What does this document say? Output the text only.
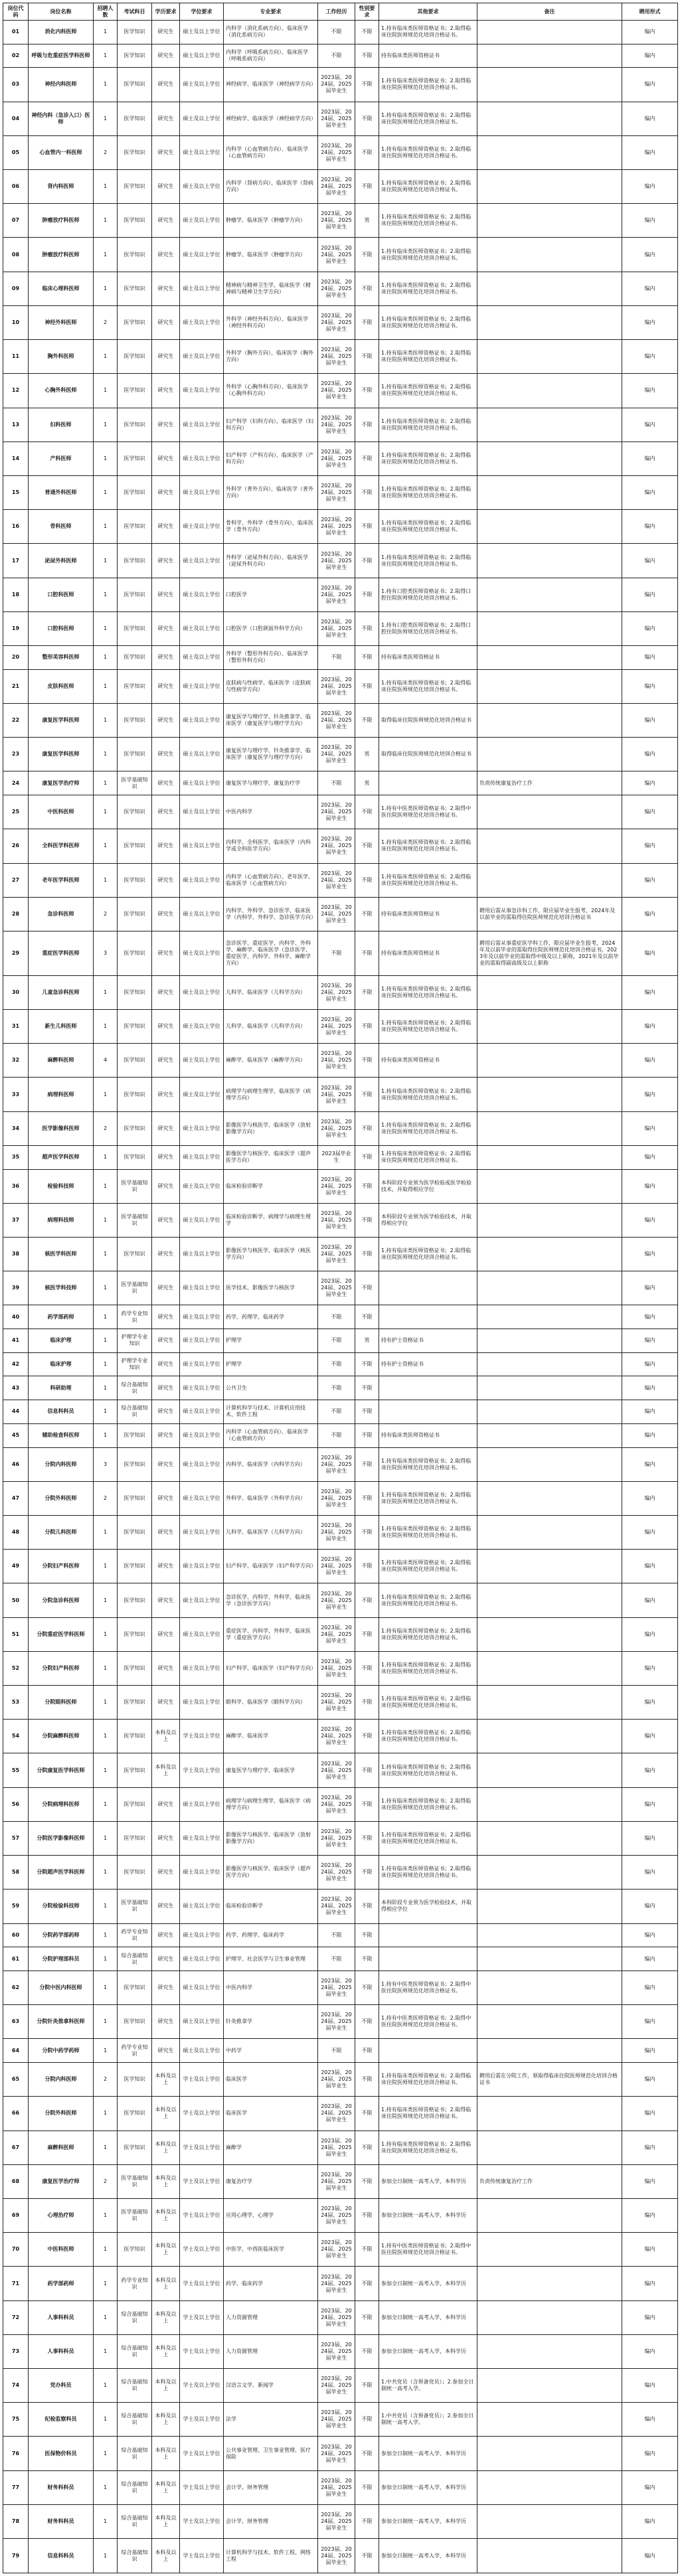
岗位代码	岗位名称	招聘人数	考试科目	学历要求	学位要求	专业要求	工作经历	性别要求	其他要求	备注	聘用形式
01	消化内科医师	1	医学知识	研究生	硕士及以上学位	内科学（消化系病方向）、临床医学（消化系病方向）	不限	不限	1.持有临床类医师资格证书；2.取得临床住院医师规范化培训合格证书。		编内
02	呼吸与危重症医学科医师	1	医学知识	研究生	硕士及以上学位	内科学（呼吸系病方向）、临床医学（呼吸系病方向）	不限	不限	持有临床类医师资格证书		编内
03	神经内科医师	1	医学知识	研究生	硕士及以上学位	神经病学、临床医学（神经病学方向）	2023届、2024届、2025届毕业生	不限	1.持有临床类医师资格证书；2.取得临床住院医师规范化培训合格证书。		编内
04	神经内科（急诊入口）医师	1	医学知识	研究生	硕士及以上学位	神经病学、临床医学（神经病学方向）	2023届、2024届、2025届毕业生	不限	1.持有临床类医师资格证书；2.取得临床住院医师规范化培训合格证书。		编内
05	心血管内一科医师	2	医学知识	研究生	硕士及以上学位	内科学（心血管病方向）、临床医学（心血管病方向）	2023届、2024届、2025届毕业生	不限	1.持有临床类医师资格证书；2.取得临床住院医师规范化培训合格证书。		编内
06	肾内科医师	1	医学知识	研究生	硕士及以上学位	内科学（肾病方向）、临床医学（肾病方向）	2023届、2024届、2025届毕业生	不限	1.持有临床类医师资格证书；2.取得临床住院医师规范化培训合格证书。		编内
07	肿瘤放疗科医师	1	医学知识	研究生	硕士及以上学位	肿瘤学、临床医学（肿瘤学方向）	2023届、2024届、2025届毕业生	男	1.持有临床类医师资格证书；2.取得临床住院医师规范化培训合格证书。		编内
08	肿瘤放疗科医师	1	医学知识	研究生	硕士及以上学位	肿瘤学、临床医学（肿瘤学方向）	2023届、2024届、2025届毕业生	不限	1.持有临床类医师资格证书；2.取得临床住院医师规范化培训合格证书。		编内
09	临床心理科医师	1	医学知识	研究生	硕士及以上学位	精神病与精神卫生学、临床医学（精神病与精神卫生学方向）	2023届、2024届、2025届毕业生	不限	1.持有临床类医师资格证书；2.取得临床住院医师规范化培训合格证书。		编内
10	神经外科医师	2	医学知识	研究生	硕士及以上学位	外科学（神经外科方向）、临床医学（神经外科方向）	2023届、2024届、2025届毕业生	不限	1.持有临床类医师资格证书；2.取得临床住院医师规范化培训合格证书。		编内
11	胸外科医师	1	医学知识	研究生	硕士及以上学位	外科学（胸外方向）、临床医学（胸外方向）	2023届、2024届、2025届毕业生	不限	1.持有临床类医师资格证书；2.取得临床住院医师规范化培训合格证书。		编内
12	心胸外科医师	1	医学知识	研究生	硕士及以上学位	外科学（心胸外科方向）、临床医学（心胸外科方向）	2023届、2024届、2025届毕业生	不限	1.持有临床类医师资格证书；2.取得临床住院医师规范化培训合格证书。		编内
13	妇科医师	1	医学知识	研究生	硕士及以上学位	妇产科学（妇科方向）、临床医学（妇科方向）	2023届、2024届、2025届毕业生	不限	1.持有临床类医师资格证书；2.取得临床住院医师规范化培训合格证书。		编内
14	产科医师	1	医学知识	研究生	硕士及以上学位	妇产科学（产科方向）、临床医学（产科方向）	2023届、2024届、2025届毕业生	不限	1.持有临床类医师资格证书；2.取得临床住院医师规范化培训合格证书。		编内
15	普通外科医师	1	医学知识	研究生	硕士及以上学位	外科学（普外方向）、临床医学（普外方向）	2023届、2024届、2025届毕业生	不限	1.持有临床类医师资格证书；2.取得临床住院医师规范化培训合格证书。		编内
16	骨科医师	1	医学知识	研究生	硕士及以上学位	骨科学、外科学（骨外方向）、临床医学（骨外方向）	2023届、2024届、2025届毕业生	不限	1.持有临床类医师资格证书；2.取得临床住院医师规范化培训合格证书。		编内
17	泌尿外科医师	1	医学知识	研究生	硕士及以上学位	外科学（泌尿外科方向）、临床医学（泌尿外科方向）	2023届、2024届、2025届毕业生	不限	1.持有临床类医师资格证书；2.取得临床住院医师规范化培训合格证书。		编内
18	口腔科医师	1	医学知识	研究生	硕士及以上学位	口腔医学	2023届、2024届、2025届毕业生	不限	1.持有口腔类医师资格证书；2.取得口腔住院医师规范化培训合格证书。		编内
19	口腔科医师	1	医学知识	研究生	硕士及以上学位	口腔医学（口腔颌面外科学方向）	2023届、2024届、2025届毕业生	不限	1.持有口腔类医师资格证书；2.取得口腔住院医师规范化培训合格证书。		编内
20	整形美容科医师	1	医学知识	研究生	硕士及以上学位	外科学（整形外科方向）、临床医学（整形外科方向）	不限	不限	持有临床类医师资格证书		编内
21	皮肤科医师	1	医学知识	研究生	硕士及以上学位	皮肤病与性病学、临床医学（皮肤病与性病学方向）	2023届、2024届、2025届毕业生	不限	1.持有临床类医师资格证书；2.取得临床住院医师规范化培训合格证书。		编内
22	康复医学科医师	1	医学知识	研究生	硕士及以上学位	康复医学与理疗学、针灸推拿学、临床医学（康复医学与理疗学方向）	2023届、2024届、2025届毕业生	不限	取得临床住院医师规范化培训合格证书		编内
23	康复医学科医师	1	医学知识	研究生	硕士及以上学位	康复医学与理疗学、针灸推拿学、临床医学（康复医学与理疗学方向）	2023届、2024届、2025届毕业生	男	取得临床住院医师规范化培训合格证书		编内
24	康复医学治疗师	1	医学基础知识	研究生	硕士及以上学位	康复医学与理疗学、康复治疗学	不限	男		负责传统康复治疗工作	编内
25	中医科医师	1	医学知识	研究生	硕士及以上学位	中医内科学	2023届、2024届、2025届毕业生	不限	1.持有中医类医师资格证书；2.取得中医住院医师规范化培训合格证书。		编内
26	全科医学科医师	1	医学知识	研究生	硕士及以上学位	内科学、全科医学、临床医学（内科学或全科医学方向）	2023届、2024届、2025届毕业生	不限	1.持有临床类医师资格证书；2.取得临床住院医师规范化培训合格证书。		编内
27	老年医学科医师	1	医学知识	研究生	硕士及以上学位	内科学（心血管病方向）、老年医学、临床医学（心血管病方向）	2023届、2024届、2025届毕业生	不限	1.持有临床类医师资格证书；2.取得临床住院医师规范化培训合格证书。		编内
28	急诊科医师	2	医学知识	研究生	硕士及以上学位	内科学、外科学、急诊医学、临床医学（内科学、外科学、急诊医学方向）	2023届、2024届、2025届毕业生	不限	持有临床类医师资格证书	聘用后需从事急诊科工作，限应届毕业生报考，2024年及以前毕业的需取得住院医师规范化培训合格证书	编内
29	重症医学科医师	3	医学知识	研究生	硕士及以上学位	急诊医学、重症医学、内科学、外科学、麻醉学、临床医学（急诊医学、重症医学、内科学、外科学、麻醉学方向）	不限	不限	持有临床类医师资格证书	聘用后需从事重症医学科工作，限应届毕业生报考，2024年及以前毕业的需取得住院医师规范化培训合格证书，2023年及以前毕业的需取得中级及以上职称，2021年及以前毕业的需取得副高级及以上职称	编内
30	儿童急诊科医师	1	医学知识	研究生	硕士及以上学位	儿科学、临床医学（儿科学方向）	2023届、2024届、2025届毕业生	不限	1.持有临床类医师资格证书；2.取得临床住院医师规范化培训合格证书。		编内
31	新生儿科医师	1	医学知识	研究生	硕士及以上学位	儿科学、临床医学（儿科学方向）	2023届、2024届、2025届毕业生	不限	1.持有临床类医师资格证书；2.取得临床住院医师规范化培训合格证书。		编内
32	麻醉科医师	4	医学知识	研究生	硕士及以上学位	麻醉学、临床医学（麻醉学方向）	2023届、2024届、2025届毕业生	不限	持有临床类医师资格证书		编内
33	病理科医师	1	医学知识	研究生	硕士及以上学位	病理学与病理生理学、临床医学（病理学方向）	2023届、2024届、2025届毕业生	不限	1.持有临床类医师资格证书；2.取得临床住院医师规范化培训合格证书。		编内
34	医学影像科医师	2	医学知识	研究生	硕士及以上学位	影像医学与核医学、临床医学（放射影像学方向）	2023届、2024届、2025届毕业生	不限	1.持有临床类医师资格证书；2.取得临床住院医师规范化培训合格证书。		编内
35	超声医学科医师	1	医学知识	研究生	硕士及以上学位	影像医学与核医学、临床医学（超声医学方向）	2023届毕业生	不限	1.持有临床类医师资格证书；2.取得临床住院医师规范化培训合格证书。		编内
36	检验科技师	1	医学基础知识	研究生	硕士及以上学位	临床检验诊断学	2023届、2024届、2025届毕业生	不限	本科阶段专业须为医学检验或医学检验技术，并取得相应学位		编内
37	病理科技师	1	医学基础知识	研究生	硕士及以上学位	临床检验诊断学、病理学与病理生理学	2023届、2024届、2025届毕业生	不限	本科阶段专业须为医学检验技术，并取得相应学位		编内
38	核医学科医师	1	医学知识	研究生	硕士及以上学位	影像医学与核医学、临床医学（核医学方向）	2023届、2024届、2025届毕业生	不限	1.持有临床类医师资格证书；2.取得临床住院医师规范化培训合格证书。		编内
39	核医学科技师	1	医学基础知识	研究生	硕士及以上学位	医学技术、影像医学与核医学	2023届、2024届、2025届毕业生	不限			编内
40	药学部药师	1	药学专业知识	研究生	硕士及以上学位	药学、药理学、临床药学	不限	不限			编内
41	临床护理	1	护理学专业知识	研究生	硕士及以上学位	护理学	不限	男	持有护士资格证书		编内
42	临床护理	1	护理学专业知识	研究生	硕士及以上学位	护理学	不限	不限	持有护士资格证书		编内
43	科研助理	1	综合基础知识	研究生	硕士及以上学位	公共卫生	不限	不限			编内
44	信息科科员	1	综合基础知识	研究生	硕士及以上学位	计算机科学与技术、计算机应用技术、软件工程	不限	不限			编内
45	辅助检查科医师	1	医学知识	研究生	硕士及以上学位	内科学（心血管病方向）、临床医学（心血管病方向）	不限	不限	持有临床类医师资格证书		编内
46	分院内科医师	3	医学知识	研究生	硕士及以上学位	内科学、临床医学（内科学方向）	2023届、2024届、2025届毕业生	不限	1.持有临床类医师资格证书；2.取得临床住院医师规范化培训合格证书。		编内
47	分院外科医师	2	医学知识	研究生	硕士及以上学位	外科学、临床医学（外科学方向）	2023届、2024届、2025届毕业生	不限	1.持有临床类医师资格证书；2.取得临床住院医师规范化培训合格证书。		编内
48	分院儿科医师	1	医学知识	研究生	硕士及以上学位	儿科学、临床医学（儿科学方向）	2023届、2024届、2025届毕业生	不限	1.持有临床类医师资格证书；2.取得临床住院医师规范化培训合格证书。		编内
49	分院妇产科医师	1	医学知识	研究生	硕士及以上学位	妇产科学、临床医学（妇产科学方向）	2023届、2024届、2025届毕业生	不限	1.持有临床类医师资格证书；2.取得临床住院医师规范化培训合格证书。		编内
50	分院急诊科医师	1	医学知识	研究生	硕士及以上学位	急诊医学、内科学、外科学、临床医学（急诊医学方向）	2023届、2024届、2025届毕业生	不限	1.持有临床类医师资格证书；2.取得临床住院医师规范化培训合格证书。		编内
51	分院重症医学科医师	1	医学知识	研究生	硕士及以上学位	重症医学、内科学、外科学、临床医学（重症医学方向）	2023届、2024届、2025届毕业生	不限	1.持有临床类医师资格证书；2.取得临床住院医师规范化培训合格证书。		编内
52	分院妇产科医师	1	医学知识	研究生	硕士及以上学位	妇产科学、临床医学（妇产科学方向）	2023届、2024届、2025届毕业生	不限	1.持有临床类医师资格证书；2.取得临床住院医师规范化培训合格证书。		编内
53	分院眼科医师	1	医学知识	研究生	硕士及以上学位	眼科学、临床医学（眼科学方向）	2023届、2024届、2025届毕业生	不限	1.持有临床类医师资格证书；2.取得临床住院医师规范化培训合格证书。		编内
54	分院麻醉科医师	1	医学知识	本科及以上	学士及以上学位	麻醉学、临床医学	2023届、2024届、2025届毕业生	不限	1.持有临床类医师资格证书；2.取得临床住院医师规范化培训合格证书。		编内
55	分院康复医学科医师	1	医学知识	本科及以上	学士及以上学位	康复医学与理疗学、临床医学	2023届、2024届、2025届毕业生	不限	1.持有临床类医师资格证书；2.取得临床住院医师规范化培训合格证书。		编内
56	分院病理科医师	1	医学知识	研究生	硕士及以上学位	病理学与病理生理学、临床医学（病理学方向）	2023届、2024届、2025届毕业生	不限	1.持有临床类医师资格证书；2.取得临床住院医师规范化培训合格证书。		编内
57	分院医学影像科医师	1	医学知识	研究生	硕士及以上学位	影像医学与核医学、临床医学（放射影像学方向）	2023届、2024届、2025届毕业生	不限	1.持有临床类医师资格证书；2.取得临床住院医师规范化培训合格证书。		编内
58	分院超声医学科医师	1	医学知识	研究生	硕士及以上学位	影像医学与核医学、临床医学（超声医学方向）	2023届、2024届、2025届毕业生	不限	1.持有临床类医师资格证书；2.取得临床住院医师规范化培训合格证书。		编内
59	分院检验科技师	1	医学基础知识	研究生	硕士及以上学位	临床检验诊断学	2023届、2024届、2025届毕业生	不限	本科阶段专业须为医学检验技术，并取得相应学位		编内
60	分院药学部药师	1	药学专业知识	研究生	硕士及以上学位	药学、药理学、临床药学	不限	不限			编内
61	分院护理部科员	1	综合基础知识	研究生	硕士及以上学位	护理学、社会医学与卫生事业管理	不限	不限			编内
62	分院中医内科医师	1	医学知识	研究生	硕士及以上学位	中医内科学	2023届、2024届、2025届毕业生	不限	1.持有中医类医师资格证书；2.取得中医住院医师规范化培训合格证书。		编内
63	分院针灸推拿科医师	1	医学知识	研究生	硕士及以上学位	针灸推拿学	2023届、2024届、2025届毕业生	不限	1.持有中医类医师资格证书；2.取得中医住院医师规范化培训合格证书。		编内
64	分院中药学药师	1	药学专业知识	研究生	硕士及以上学位	中药学	不限	不限			编内
65	分院内科医师	2	医学知识	本科及以上	学士及以上学位	临床医学	2023届、2024届、2025届毕业生	不限	1.持有临床类医师资格证书；2.取得临床住院医师规范化培训合格证书。	聘用后需在分院工作，须取得临床住院医师规范化培训合格证书	编内
66	分院外科医师	1	医学知识	本科及以上	学士及以上学位	临床医学	2023届、2024届、2025届毕业生	不限	1.持有临床类医师资格证书；2.取得临床住院医师规范化培训合格证书。		编内
67	麻醉科医师	1	医学知识	本科及以上	学士及以上学位	麻醉学	2023届、2024届、2025届毕业生	不限	1.持有临床类医师资格证书；2.取得临床住院医师规范化培训合格证书。		编内
68	康复医学治疗师	2	医学基础知识	本科及以上	学士及以上学位	康复治疗学	2023届、2024届、2025届毕业生	不限	参加全日制统一高考入学，本科学历	负责传统康复治疗工作	编内
69	心理治疗师	1	医学基础知识	本科及以上	学士及以上学位	应用心理学、心理学	2023届、2024届、2025届毕业生	不限	参加全日制统一高考入学，本科学历		编内
70	中医科医师	1	医学知识	本科及以上	学士及以上学位	中医学、中西医临床医学	2023届、2024届、2025届毕业生	不限	1.持有中医类医师资格证书；2.取得中医住院医师规范化培训合格证书。		编内
71	药学部药师	1	药学专业知识	本科及以上	学士及以上学位	药学、临床药学	2023届、2024届、2025届毕业生	不限	参加全日制统一高考入学，本科学历		编内
72	人事科科员	1	综合基础知识	本科及以上	学士及以上学位	人力资源管理	2023届、2024届、2025届毕业生	不限	参加全日制统一高考入学，本科学历		编内
73	人事科科员	1	综合基础知识	本科及以上	学士及以上学位	人力资源管理	2023届、2024届、2025届毕业生	不限	参加全日制统一高考入学，本科学历		编内
74	党办科员	1	综合基础知识	本科及以上	学士及以上学位	汉语言文学、新闻学	2023届、2024届、2025届毕业生	不限	1.中共党员（含预备党员）；2.参加全日制统一高考入学。		编内
75	纪检监察科员	1	综合基础知识	本科及以上	学士及以上学位	法学	2023届、2024届、2025届毕业生	不限	1.中共党员（含预备党员）；2.参加全日制统一高考入学。		编内
76	医保物价科员	1	综合基础知识	本科及以上	学士及以上学位	公共事业管理、卫生事业管理、医疗保险	2023届、2024届、2025届毕业生	不限	参加全日制统一高考入学，本科学历		编内
77	财务科科员	1	综合基础知识	本科及以上	学士及以上学位	会计学、财务管理	2023届、2024届、2025届毕业生	不限	参加全日制统一高考入学，本科学历		编内
78	财务科科员	1	综合基础知识	本科及以上	学士及以上学位	会计学、财务管理	2023届、2024届、2025届毕业生	不限	参加全日制统一高考入学，本科学历		编内
79	信息科科员	1	综合基础知识	本科及以上	学士及以上学位	计算机科学与技术、软件工程、网络工程	2023届、2024届、2025届毕业生	不限	参加全日制统一高考入学，本科学历		编内
